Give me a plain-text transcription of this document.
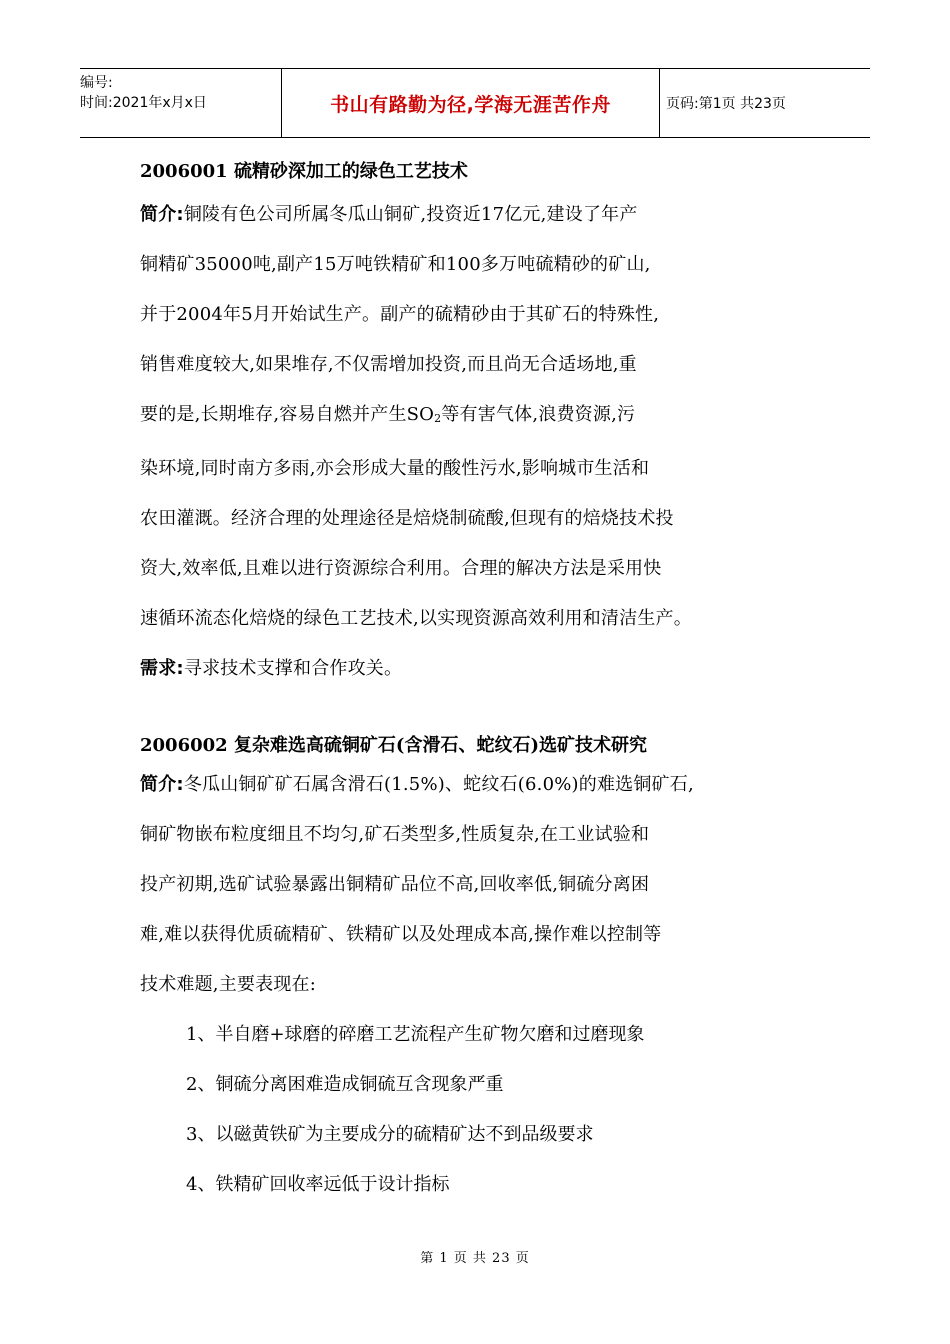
编号:
时间:2021年x月x日	书山有路勤为径,学海无涯苦作舟	页码:第1页 共23页

2006001 硫精砂深加工的绿色工艺技术

简介:铜陵有色公司所属冬瓜山铜矿,投资近17亿元,建设了年产
铜精矿35000吨,副产15万吨铁精矿和100多万吨硫精砂的矿山,
并于2004年5月开始试生产。副产的硫精砂由于其矿石的特殊性,
销售难度较大,如果堆存,不仅需增加投资,而且尚无合适场地,重
要的是,长期堆存,容易自燃并产生$SO_2$等有害气体,浪费资源,污
染环境,同时南方多雨,亦会形成大量的酸性污水,影响城市生活和
农田灌溉。经济合理的处理途径是焙烧制硫酸,但现有的焙烧技术投
资大,效率低,且难以进行资源综合利用。合理的解决方法是采用快
速循环流态化焙烧的绿色工艺技术,以实现资源高效利用和清洁生产。
需求:寻求技术支撑和合作攻关。

2006002 复杂难选高硫铜矿石(含滑石、蛇纹石)选矿技术研究

简介:冬瓜山铜矿矿石属含滑石(1.5%)、蛇纹石(6.0%)的难选铜矿石,
铜矿物嵌布粒度细且不均匀,矿石类型多,性质复杂,在工业试验和
投产初期,选矿试验暴露出铜精矿品位不高,回收率低,铜硫分离困
难,难以获得优质硫精矿、铁精矿以及处理成本高,操作难以控制等
技术难题,主要表现在:

1、半自磨+球磨的碎磨工艺流程产生矿物欠磨和过磨现象
2、铜硫分离困难造成铜硫互含现象严重
3、以磁黄铁矿为主要成分的硫精矿达不到品级要求
4、铁精矿回收率远低于设计指标
第 1 页 共 23 页
